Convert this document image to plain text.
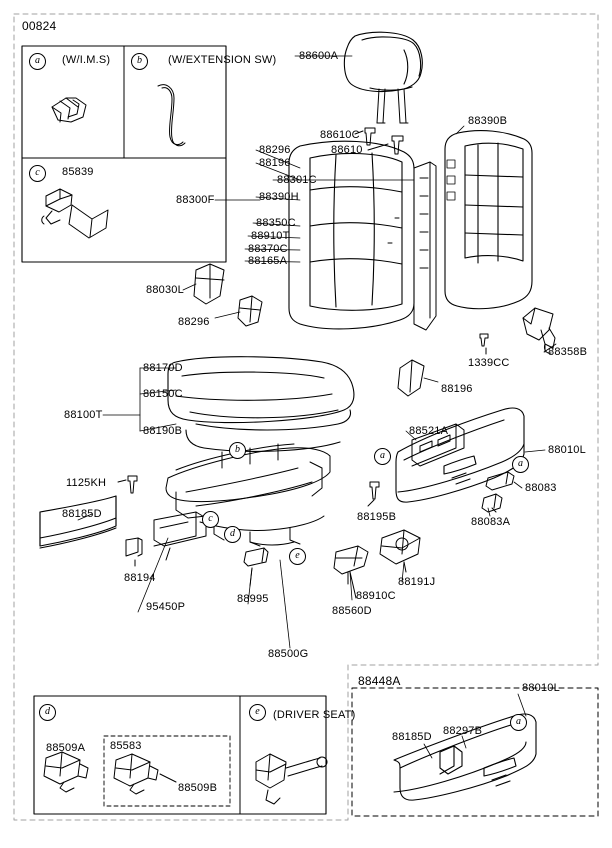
00824
(W/I.M.S)	(W/EXTENSION SW)
85839
88600A
88610C
88610
88390B
88296
88196
88301C
88300F	88390H
88350C
88910T
88370C
88165A
88030L
88296
1339CC
88358B
88196
88170D
88150C
88100T
88190B	88521A
88010L
1125KH	88083
88083A
88195B
88185D
88194
95450P
88995	88910C
88560D
88191J
88500G
88010L
88297B
88185D
88448A
88509A
88509B
85583
(DRIVER SEAT)
a	b
c
b
a
a
c
d
e
d	e
a
